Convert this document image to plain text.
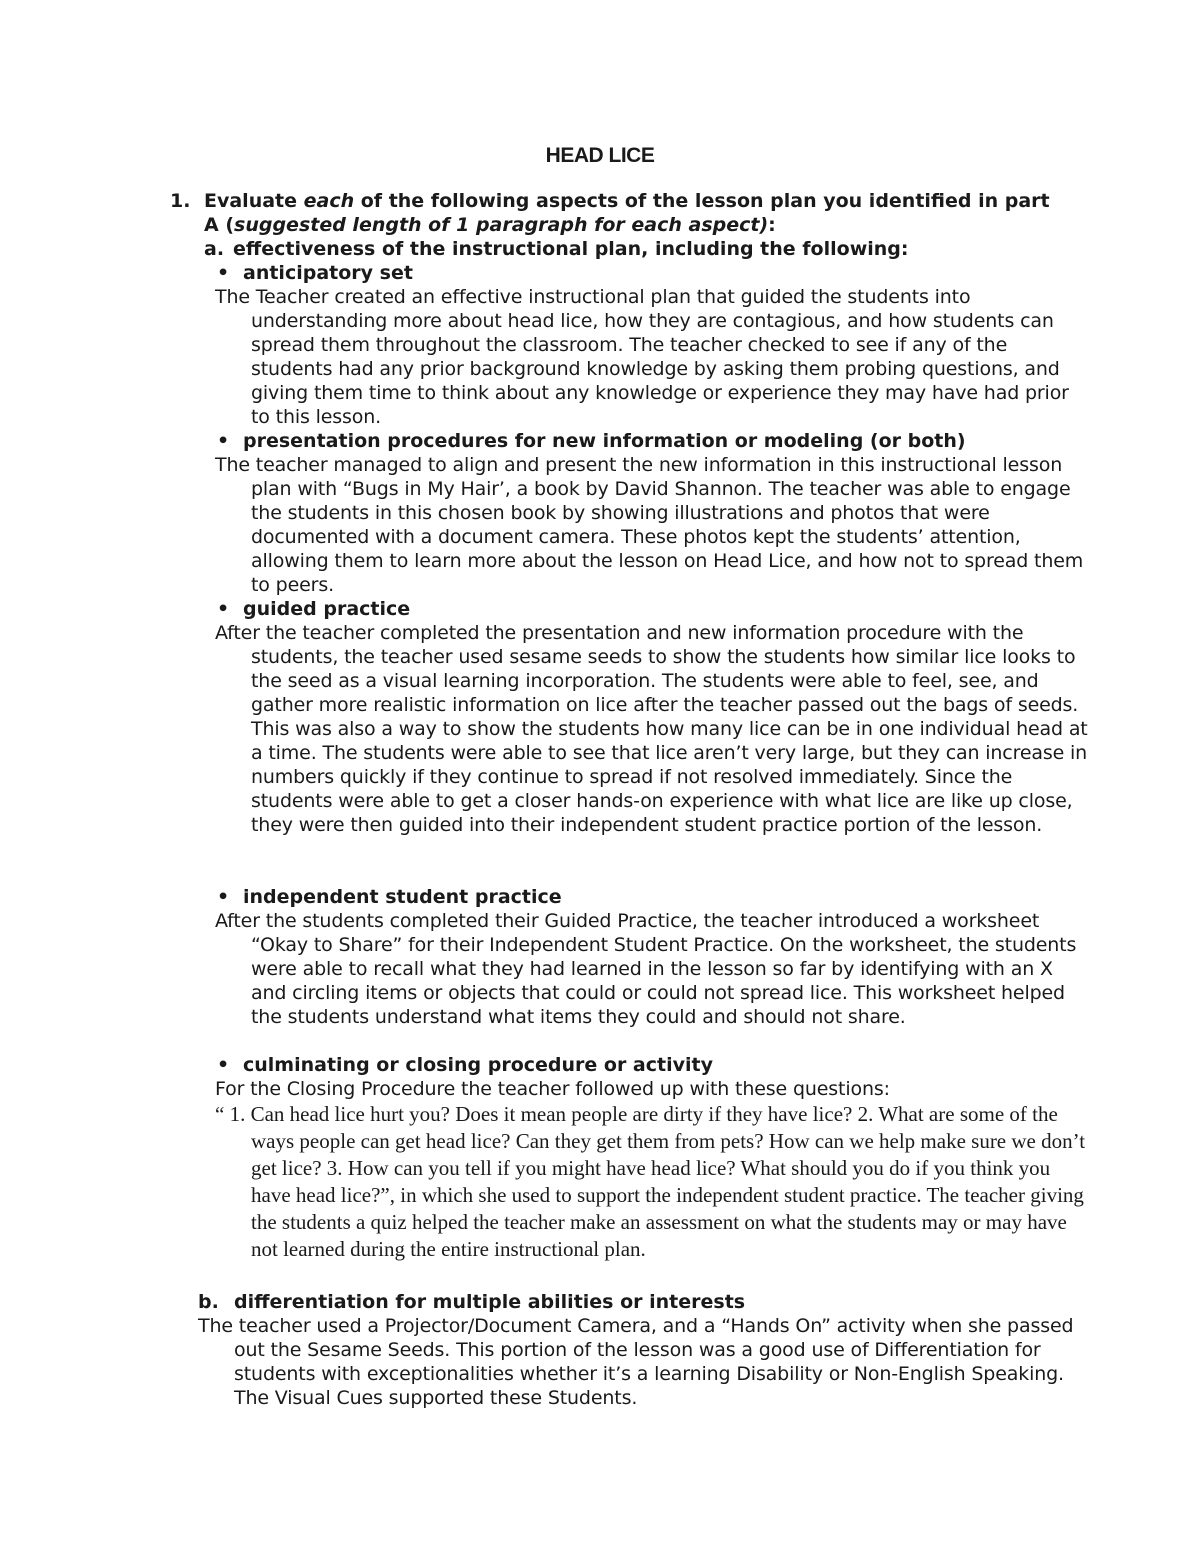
HEAD LICE
1. Evaluate each of the following aspects of the lesson plan you identified in part A (suggested length of 1 paragraph for each aspect):
a. effectiveness of the instructional plan, including the following:
• anticipatory set
The Teacher created an effective instructional plan that guided the students into understanding more about head lice, how they are contagious, and how students can spread them throughout the classroom. The teacher checked to see if any of the students had any prior background knowledge by asking them probing questions, and giving them time to think about any knowledge or experience they may have had prior to this lesson.
• presentation procedures for new information or modeling (or both)
The teacher managed to align and present the new information in this instructional lesson plan with “Bugs in My Hair’, a book by David Shannon. The teacher was able to engage the students in this chosen book by showing illustrations and photos that were documented with a document camera. These photos kept the students’ attention, allowing them to learn more about the lesson on Head Lice, and how not to spread them to peers.
• guided practice
After the teacher completed the presentation and new information procedure with the students, the teacher used sesame seeds to show the students how similar lice looks to the seed as a visual learning incorporation. The students were able to feel, see, and gather more realistic information on lice after the teacher passed out the bags of seeds. This was also a way to show the students how many lice can be in one individual head at a time. The students were able to see that lice aren’t very large, but they can increase in numbers quickly if they continue to spread if not resolved immediately. Since the students were able to get a closer hands-on experience with what lice are like up close, they were then guided into their independent student practice portion of the lesson.
• independent student practice
After the students completed their Guided Practice, the teacher introduced a worksheet “Okay to Share” for their Independent Student Practice. On the worksheet, the students were able to recall what they had learned in the lesson so far by identifying with an X and circling items or objects that could or could not spread lice. This worksheet helped the students understand what items they could and should not share.
• culminating or closing procedure or activity
For the Closing Procedure the teacher followed up with these questions:
“ 1. Can head lice hurt you? Does it mean people are dirty if they have lice? 2. What are some of the ways people can get head lice? Can they get them from pets? How can we help make sure we don’t get lice? 3. How can you tell if you might have head lice? What should you do if you think you have head lice?”, in which she used to support the independent student practice. The teacher giving the students a quiz helped the teacher make an assessment on what the students may or may have not learned during the entire instructional plan.
b. differentiation for multiple abilities or interests
The teacher used a Projector/Document Camera, and a “Hands On” activity when she passed out the Sesame Seeds. This portion of the lesson was a good use of Differentiation for students with exceptionalities whether it’s a learning Disability or Non-English Speaking. The Visual Cues supported these Students.
